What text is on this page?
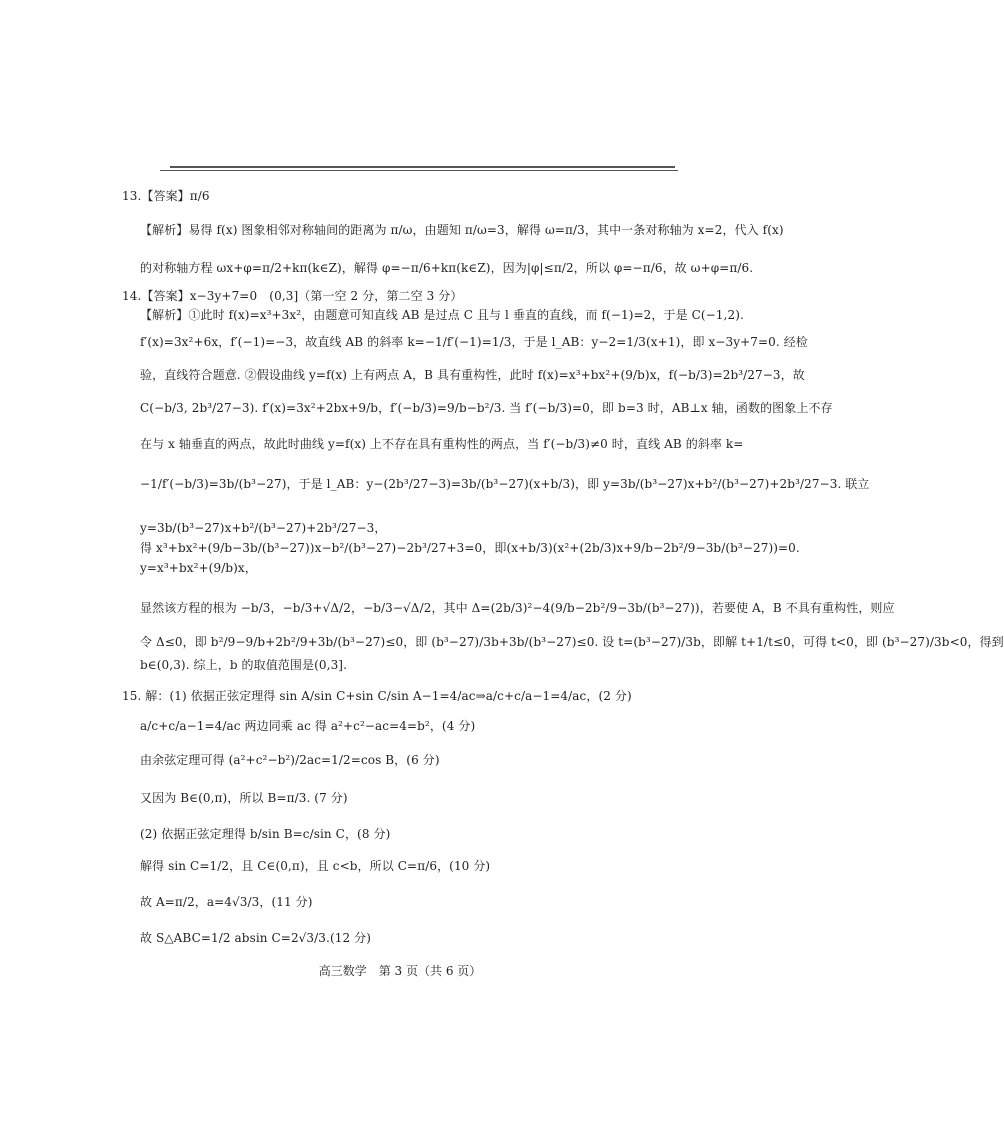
13.【答案】π/6
【解析】易得 f(x) 图象相邻对称轴间的距离为 π/ω，由题知 π/ω=3，解得 ω=π/3，其中一条对称轴为 x=2，代入 f(x)
的对称轴方程 ωx+φ=π/2+kπ(k∈Z)，解得 φ=−π/6+kπ(k∈Z)，因为|φ|≤π/2，所以 φ=−π/6，故 ω+φ=π/6.
14.【答案】x−3y+7=0　(0,3]（第一空 2 分，第二空 3 分）
【解析】①此时 f(x)=x³+3x²，由题意可知直线 AB 是过点 C 且与 l 垂直的直线，而 f(−1)=2，于是 C(−1,2).
f′(x)=3x²+6x，f′(−1)=−3，故直线 AB 的斜率 k=−1/f′(−1)=1/3，于是 l_AB：y−2=1/3(x+1)，即 x−3y+7=0. 经检
验，直线符合题意. ②假设曲线 y=f(x) 上有两点 A，B 具有重构性，此时 f(x)=x³+bx²+(9/b)x，f(−b/3)=2b³/27−3，故
C(−b/3, 2b³/27−3). f′(x)=3x²+2bx+9/b，f′(−b/3)=9/b−b²/3. 当 f′(−b/3)=0，即 b=3 时，AB⊥x 轴，函数的图象上不存
在与 x 轴垂直的两点，故此时曲线 y=f(x) 上不存在具有重构性的两点，当 f′(−b/3)≠0 时，直线 AB 的斜率 k=
−1/f′(−b/3)=3b/(b³−27)，于是 l_AB：y−(2b³/27−3)=3b/(b³−27)(x+b/3)，即 y=3b/(b³−27)x+b²/(b³−27)+2b³/27−3. 联立
y=3b/(b³−27)x+b²/(b³−27)+2b³/27−3，
得 x³+bx²+(9/b−3b/(b³−27))x−b²/(b³−27)−2b³/27+3=0，即(x+b/3)(x²+(2b/3)x+9/b−2b²/9−3b/(b³−27))=0.
y=x³+bx²+(9/b)x，
显然该方程的根为 −b/3，−b/3+√Δ/2，−b/3−√Δ/2，其中 Δ=(2b/3)²−4(9/b−2b²/9−3b/(b³−27))，若要使 A，B 不具有重构性，则应
令 Δ≤0，即 b²/9−9/b+2b²/9+3b/(b³−27)≤0，即 (b³−27)/3b+3b/(b³−27)≤0. 设 t=(b³−27)/3b，即解 t+1/t≤0，可得 t<0，即 (b³−27)/3b<0，得到
b∈(0,3). 综上，b 的取值范围是(0,3].
15. 解：(1) 依据正弦定理得 sin A/sin C+sin C/sin A−1=4/ac⇒a/c+c/a−1=4/ac，(2 分)
a/c+c/a−1=4/ac 两边同乘 ac 得 a²+c²−ac=4=b²，(4 分)
由余弦定理可得 (a²+c²−b²)/2ac=1/2=cos B，(6 分)
又因为 B∈(0,π)，所以 B=π/3. (7 分)
(2) 依据正弦定理得 b/sin B=c/sin C，(8 分)
解得 sin C=1/2，且 C∈(0,π)，且 c<b，所以 C=π/6，(10 分)
故 A=π/2，a=4√3/3，(11 分)
故 S△ABC=1/2 absin C=2√3/3.(12 分)
高三数学　第 3 页（共 6 页）
